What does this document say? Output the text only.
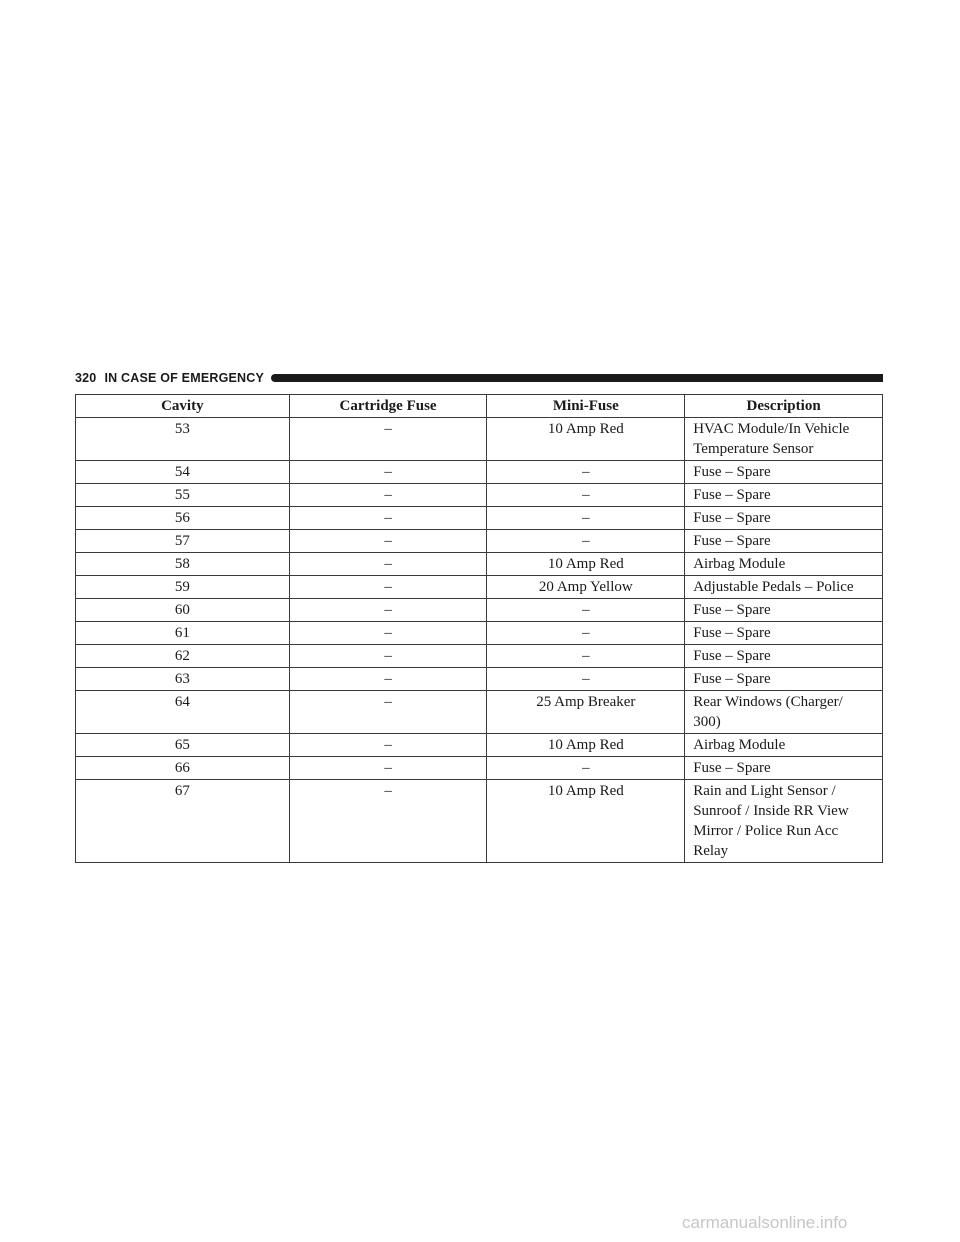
320 IN CASE OF EMERGENCY
Cavity	Cartridge Fuse	Mini-Fuse	Description
53	–	10 Amp Red	HVAC Module/In Vehicle
Temperature Sensor

54	–	–	Fuse – Spare

55	–	–	Fuse – Spare

56	–	–	Fuse – Spare

57	–	–	Fuse – Spare

58	–	10 Amp Red	Airbag Module

59	–	20 Amp Yellow	Adjustable Pedals – Police

60	–	–	Fuse – Spare

61	–	–	Fuse – Spare

62	–	–	Fuse – Spare

63	–	–	Fuse – Spare

64	–	25 Amp Breaker	Rear Windows (Charger/
300)

65	–	10 Amp Red	Airbag Module

66	–	–	Fuse – Spare

67	–	10 Amp Red	Rain and Light Sensor /
Sunroof / Inside RR View
Mirror / Police Run Acc
Relay
carmanualsonline.info
